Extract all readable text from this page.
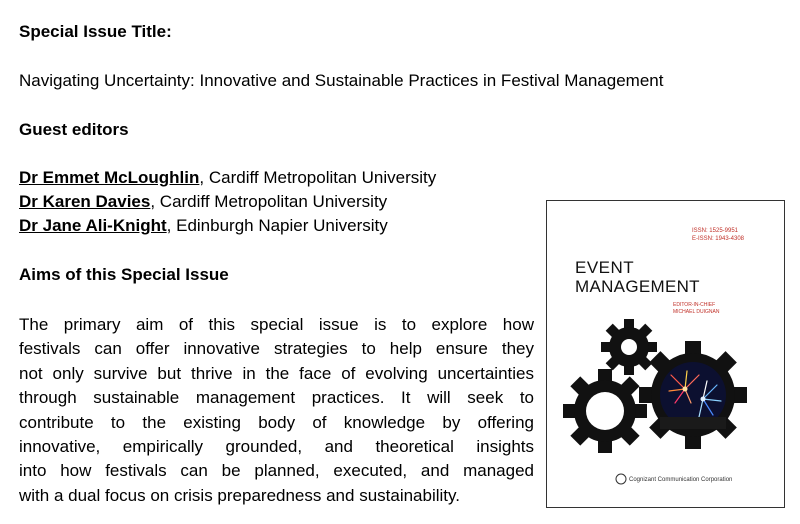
Special Issue Title:
Navigating Uncertainty: Innovative and Sustainable Practices in Festival Management
Guest editors
Dr Emmet McLoughlin, Cardiff Metropolitan University
Dr Karen Davies, Cardiff Metropolitan University
Dr Jane Ali-Knight, Edinburgh Napier University
Aims of this Special Issue
The primary aim of this special issue is to explore how
festivals can offer innovative strategies to help ensure they
not only survive but thrive in the face of evolving uncertainties
through sustainable management practices. It will seek to
contribute to the existing body of knowledge by offering
innovative, empirically grounded, and theoretical insights
into how festivals can be planned, executed, and managed
with a dual focus on crisis preparedness and sustainability.
ISSN: 1525-9951
E-ISSN: 1943-4308
EVENT
MANAGEMENT
EDITOR-IN-CHIEF
MICHAEL DUIGNAN
Cognizant Communication Corporation
